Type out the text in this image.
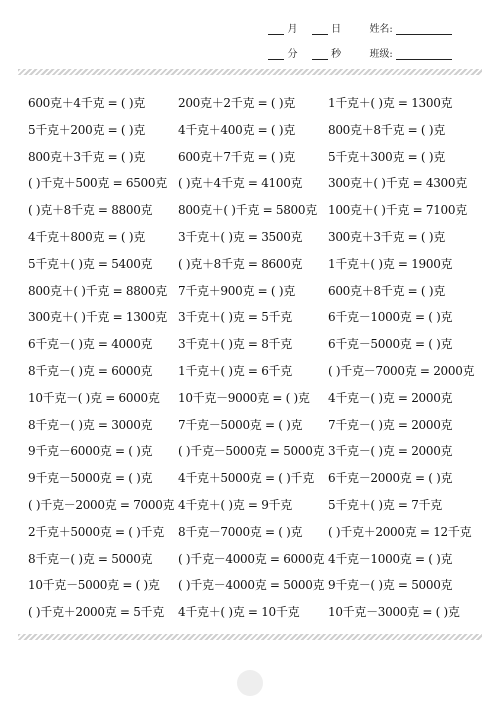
月	日	姓名:
分	秒	班级:
600克＋4千克 = ( )克	200克＋2千克 = ( )克	1千克＋( )克 = 1300克
5千克＋200克 = ( )克	4千克＋400克 = ( )克	800克＋8千克 = ( )克
800克＋3千克 = ( )克	600克＋7千克 = ( )克	5千克＋300克 = ( )克
( )千克＋500克 = 6500克 ( )克＋4千克 = 4100克	300克＋( )千克 = 4300克
( )克＋8千克 = 8800克	800克＋( )千克 = 5800克 100克＋( )千克 = 7100克
4千克＋800克 = ( )克	3千克＋( )克 = 3500克	300克＋3千克 = ( )克
5千克＋( )克 = 5400克	( )克＋8千克 = 8600克	1千克＋( )克 = 1900克
800克＋( )千克 = 8800克 7千克＋900克 = ( )克	600克＋8千克 = ( )克
300克＋( )千克 = 1300克 3千克＋( )克 = 5千克	6千克－1000克 = ( )克
6千克－( )克 = 4000克	3千克＋( )克 = 8千克	6千克－5000克 = ( )克
8千克－( )克 = 6000克	1千克＋( )克 = 6千克	( )千克－7000克 = 2000克
10千克－( )克 = 6000克	10千克－9000克 = ( )克	4千克－( )克 = 2000克
8千克－( )克 = 3000克	7千克－5000克 = ( )克	7千克－( )克 = 2000克
9千克－6000克 = ( )克	( )千克－5000克 = 5000克 3千克－( )克 = 2000克
9千克－5000克 = ( )克	4千克＋5000克 = ( )千克	6千克－2000克 = ( )克
( )千克－2000克 = 7000克 4千克＋( )克 = 9千克	5千克＋( )克 = 7千克
2千克＋5000克 = ( )千克	8千克－7000克 = ( )克	( )千克＋2000克 = 12千克
8千克－( )克 = 5000克	( )千克－4000克 = 6000克 4千克－1000克 = ( )克
10千克－5000克 = ( )克	( )千克－4000克 = 5000克 9千克－( )克 = 5000克
( )千克＋2000克 = 5千克	4千克＋( )克 = 10千克	10千克－3000克 = ( )克
